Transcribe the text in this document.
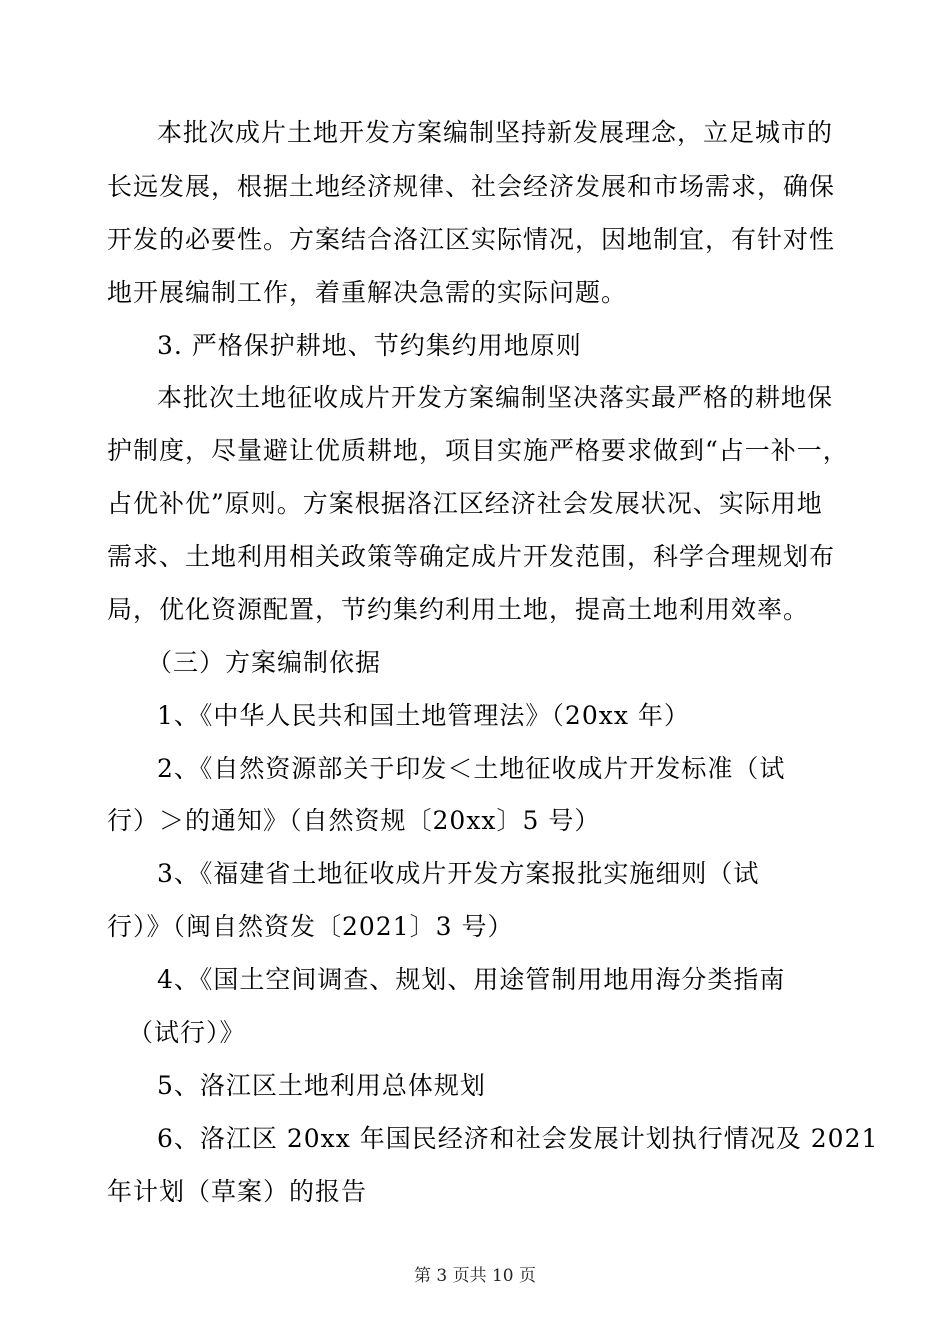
本批次成片土地开发方案编制坚持新发展理念，立足城市的
长远发展，根据土地经济规律、社会经济发展和市场需求，确保
开发的必要性。方案结合洛江区实际情况，因地制宜，有针对性
地开展编制工作，着重解决急需的实际问题。
3. 严格保护耕地、节约集约用地原则
本批次土地征收成片开发方案编制坚决落实最严格的耕地保
护制度，尽量避让优质耕地，项目实施严格要求做到“占一补一，
占优补优”原则。方案根据洛江区经济社会发展状况、实际用地
需求、土地利用相关政策等确定成片开发范围，科学合理规划布
局，优化资源配置，节约集约利用土地，提高土地利用效率。
（三）方案编制依据
1、《中华人民共和国土地管理法》（20xx 年）
2、《自然资源部关于印发＜土地征收成片开发标准（试
行）＞的通知》（自然资规〔20xx〕5 号）
3、《福建省土地征收成片开发方案报批实施细则（试
行）》（闽自然资发〔2021〕3 号）
4、《国土空间调查、规划、用途管制用地用海分类指南
（试行）》
5、洛江区土地利用总体规划
6、洛江区 20xx 年国民经济和社会发展计划执行情况及 2021
年计划（草案）的报告
第 3 页共 10 页
